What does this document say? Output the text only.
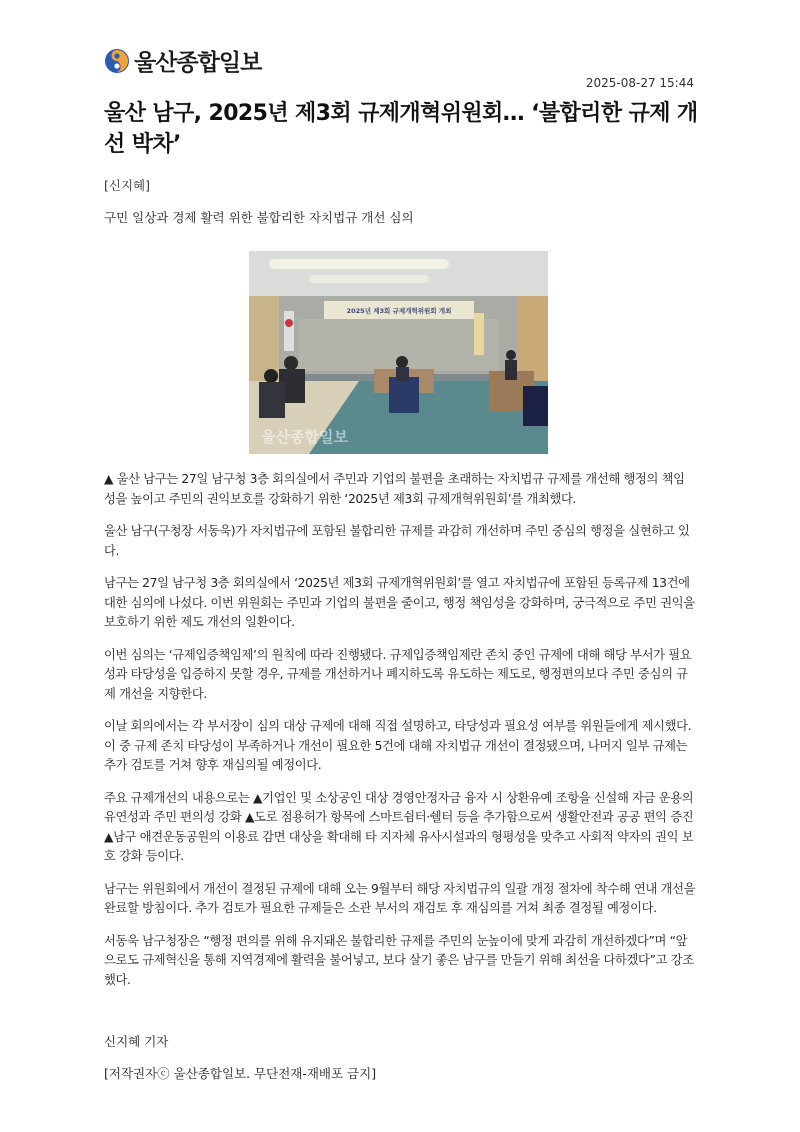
울산종합일보
2025-08-27 15:44
울산 남구, 2025년 제3회 규제개혁위원회… ‘불합리한 규제 개선 박차’
[신지혜]
구민 일상과 경제 활력 위한 불합리한 자치법규 개선 심의
2025년 제3회 규제개혁위원회 개최
울산종합일보

▲ 울산 남구는 27일 남구청 3층 회의실에서 주민과 기업의 불편을 초래하는 자치법규 규제를 개선해 행정의 책임성을 높이고 주민의 권익보호를 강화하기 위한 ‘2025년 제3회 규제개혁위원회’를 개최했다.

울산 남구(구청장 서동욱)가 자치법규에 포함된 불합리한 규제를 과감히 개선하며 주민 중심의 행정을 실현하고 있다.

남구는 27일 남구청 3층 회의실에서 ‘2025년 제3회 규제개혁위원회’를 열고 자치법규에 포함된 등록규제 13건에 대한 심의에 나섰다. 이번 위원회는 주민과 기업의 불편을 줄이고, 행정 책임성을 강화하며, 궁극적으로 주민 권익을 보호하기 위한 제도 개선의 일환이다.

이번 심의는 ‘규제입증책임제’의 원칙에 따라 진행됐다. 규제입증책임제란 존치 중인 규제에 대해 해당 부서가 필요성과 타당성을 입증하지 못할 경우, 규제를 개선하거나 폐지하도록 유도하는 제도로, 행정편의보다 주민 중심의 규제 개선을 지향한다.

이날 회의에서는 각 부서장이 심의 대상 규제에 대해 직접 설명하고, 타당성과 필요성 여부를 위원들에게 제시했다. 이 중 규제 존치 타당성이 부족하거나 개선이 필요한 5건에 대해 자치법규 개선이 결정됐으며, 나머지 일부 규제는 추가 검토를 거쳐 향후 재심의될 예정이다.

주요 규제개선의 내용으로는 ▲기업인 및 소상공인 대상 경영안정자금 융자 시 상환유예 조항을 신설해 자금 운용의 유연성과 주민 편의성 강화 ▲도로 점용허가 항목에 스마트쉼터·쉘터 등을 추가함으로써 생활안전과 공공 편익 증진 ▲남구 애견운동공원의 이용료 감면 대상을 확대해 타 지자체 유사시설과의 형평성을 맞추고 사회적 약자의 권익 보호 강화 등이다.

남구는 위원회에서 개선이 결정된 규제에 대해 오는 9월부터 해당 자치법규의 일괄 개정 절차에 착수해 연내 개선을 완료할 방침이다. 추가 검토가 필요한 규제들은 소관 부서의 재검토 후 재심의를 거쳐 최종 결정될 예정이다.

서동욱 남구청장은 “행정 편의를 위해 유지돼온 불합리한 규제를 주민의 눈높이에 맞게 과감히 개선하겠다”며 “앞으로도 규제혁신을 통해 지역경제에 활력을 불어넣고, 보다 살기 좋은 남구를 만들기 위해 최선을 다하겠다”고 강조했다.

신지혜 기자
[저작권자ⓒ 울산종합일보. 무단전재-재배포 금지]
